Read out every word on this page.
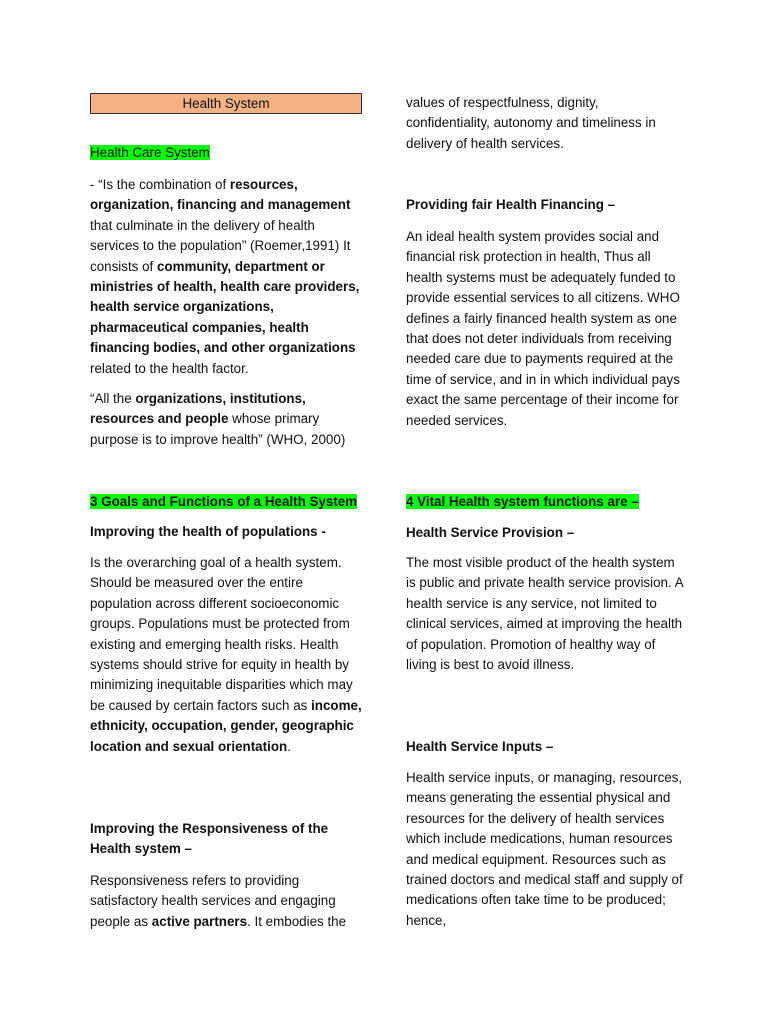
Health System

Health Care System

- “Is the combination of resources, organization, financing and management that culminate in the delivery of health services to the population” (Roemer,1991) It consists of community, department or ministries of health, health care providers, health service organizations, pharmaceutical companies, health financing bodies, and other organizations related to the health factor.

“All the organizations, institutions, resources and people whose primary purpose is to improve health” (WHO, 2000)

3 Goals and Functions of a Health System

Improving the health of populations -

Is the overarching goal of a health system. Should be measured over the entire population across different socioeconomic groups. Populations must be protected from existing and emerging health risks. Health systems should strive for equity in health by minimizing inequitable disparities which may be caused by certain factors such as income, ethnicity, occupation, gender, geographic location and sexual orientation.

Improving the Responsiveness of the Health system –

Responsiveness refers to providing satisfactory health services and engaging people as active partners. It embodies the

values of respectfulness, dignity, confidentiality, autonomy and timeliness in delivery of health services.

Providing fair Health Financing –

An ideal health system provides social and financial risk protection in health, Thus all health systems must be adequately funded to provide essential services to all citizens. WHO defines a fairly financed health system as one that does not deter individuals from receiving needed care due to payments required at the time of service, and in in which individual pays exact the same percentage of their income for needed services.

4 Vital Health system functions are –

Health Service Provision –

The most visible product of the health system is public and private health service provision. A health service is any service, not limited to clinical services, aimed at improving the health of population. Promotion of healthy way of living is best to avoid illness.

Health Service Inputs –

Health service inputs, or managing, resources, means generating the essential physical and resources for the delivery of health services which include medications, human resources and medical equipment. Resources such as trained doctors and medical staff and supply of medications often take time to be produced; hence,
